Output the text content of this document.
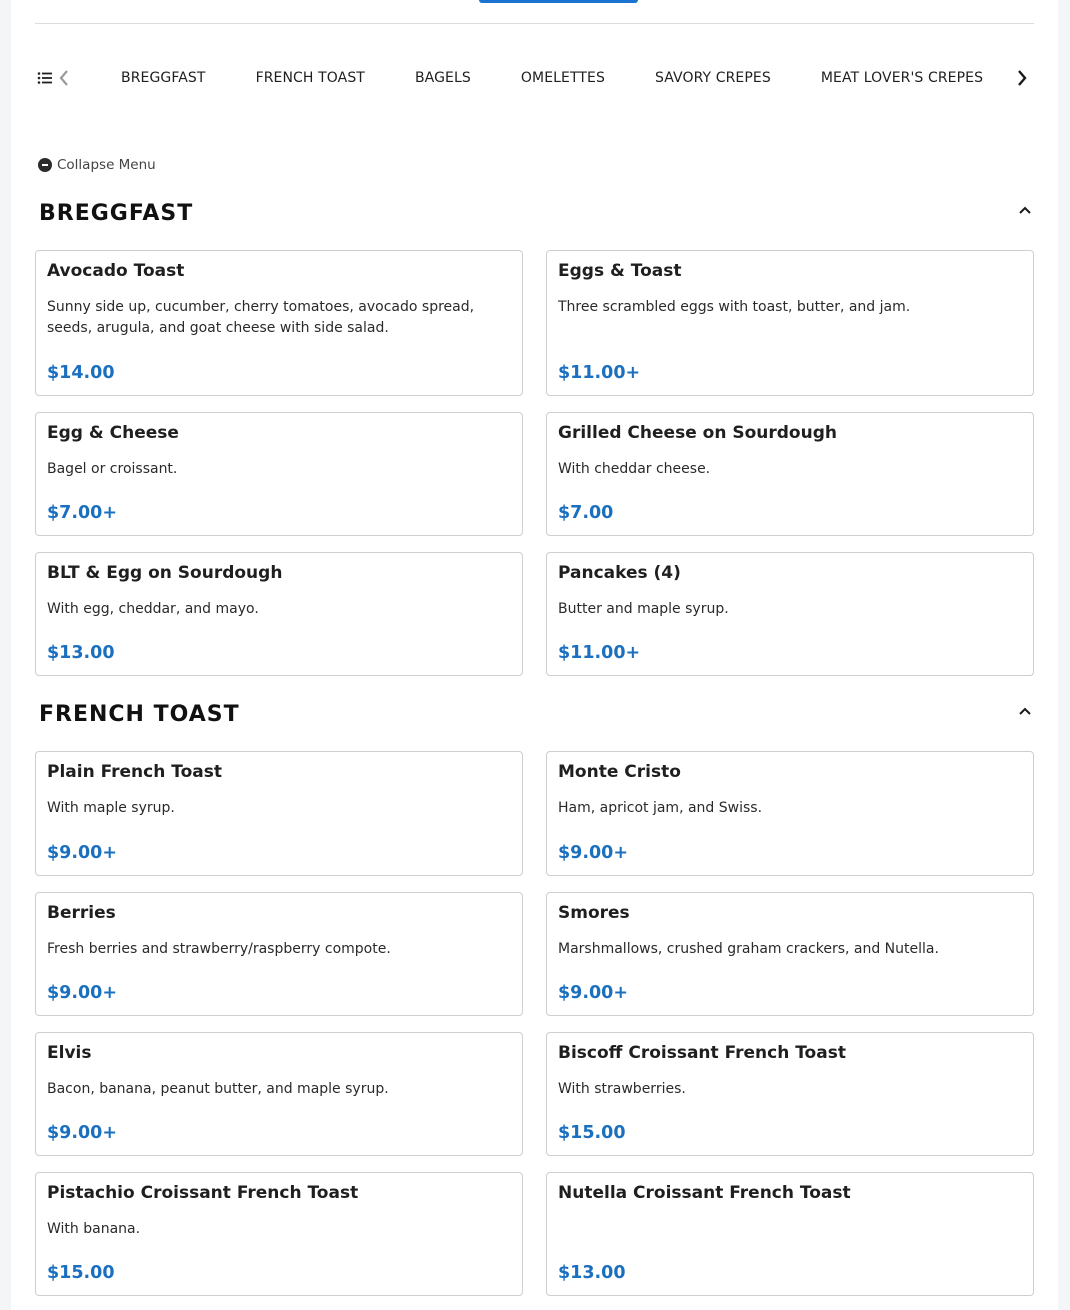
BREGGFAST	FRENCH TOAST	BAGELS	OMELETTES	SAVORY CREPES	MEAT LOVER'S CREPES
Collapse Menu
BREGGFAST
Avocado Toast
Sunny side up, cucumber, cherry tomatoes, avocado spread, seeds, arugula, and goat cheese with side salad.
$14.00
Eggs & Toast
Three scrambled eggs with toast, butter, and jam.
$11.00+
Egg & Cheese
Bagel or croissant.
$7.00+
Grilled Cheese on Sourdough
With cheddar cheese.
$7.00
BLT & Egg on Sourdough
With egg, cheddar, and mayo.
$13.00
Pancakes (4)
Butter and maple syrup.
$11.00+
FRENCH TOAST
Plain French Toast
With maple syrup.
$9.00+
Monte Cristo
Ham, apricot jam, and Swiss.
$9.00+
Berries
Fresh berries and strawberry/raspberry compote.
$9.00+
Smores
Marshmallows, crushed graham crackers, and Nutella.
$9.00+
Elvis
Bacon, banana, peanut butter, and maple syrup.
$9.00+
Biscoff Croissant French Toast
With strawberries.
$15.00
Pistachio Croissant French Toast
With banana.
$15.00
Nutella Croissant French Toast
$13.00
